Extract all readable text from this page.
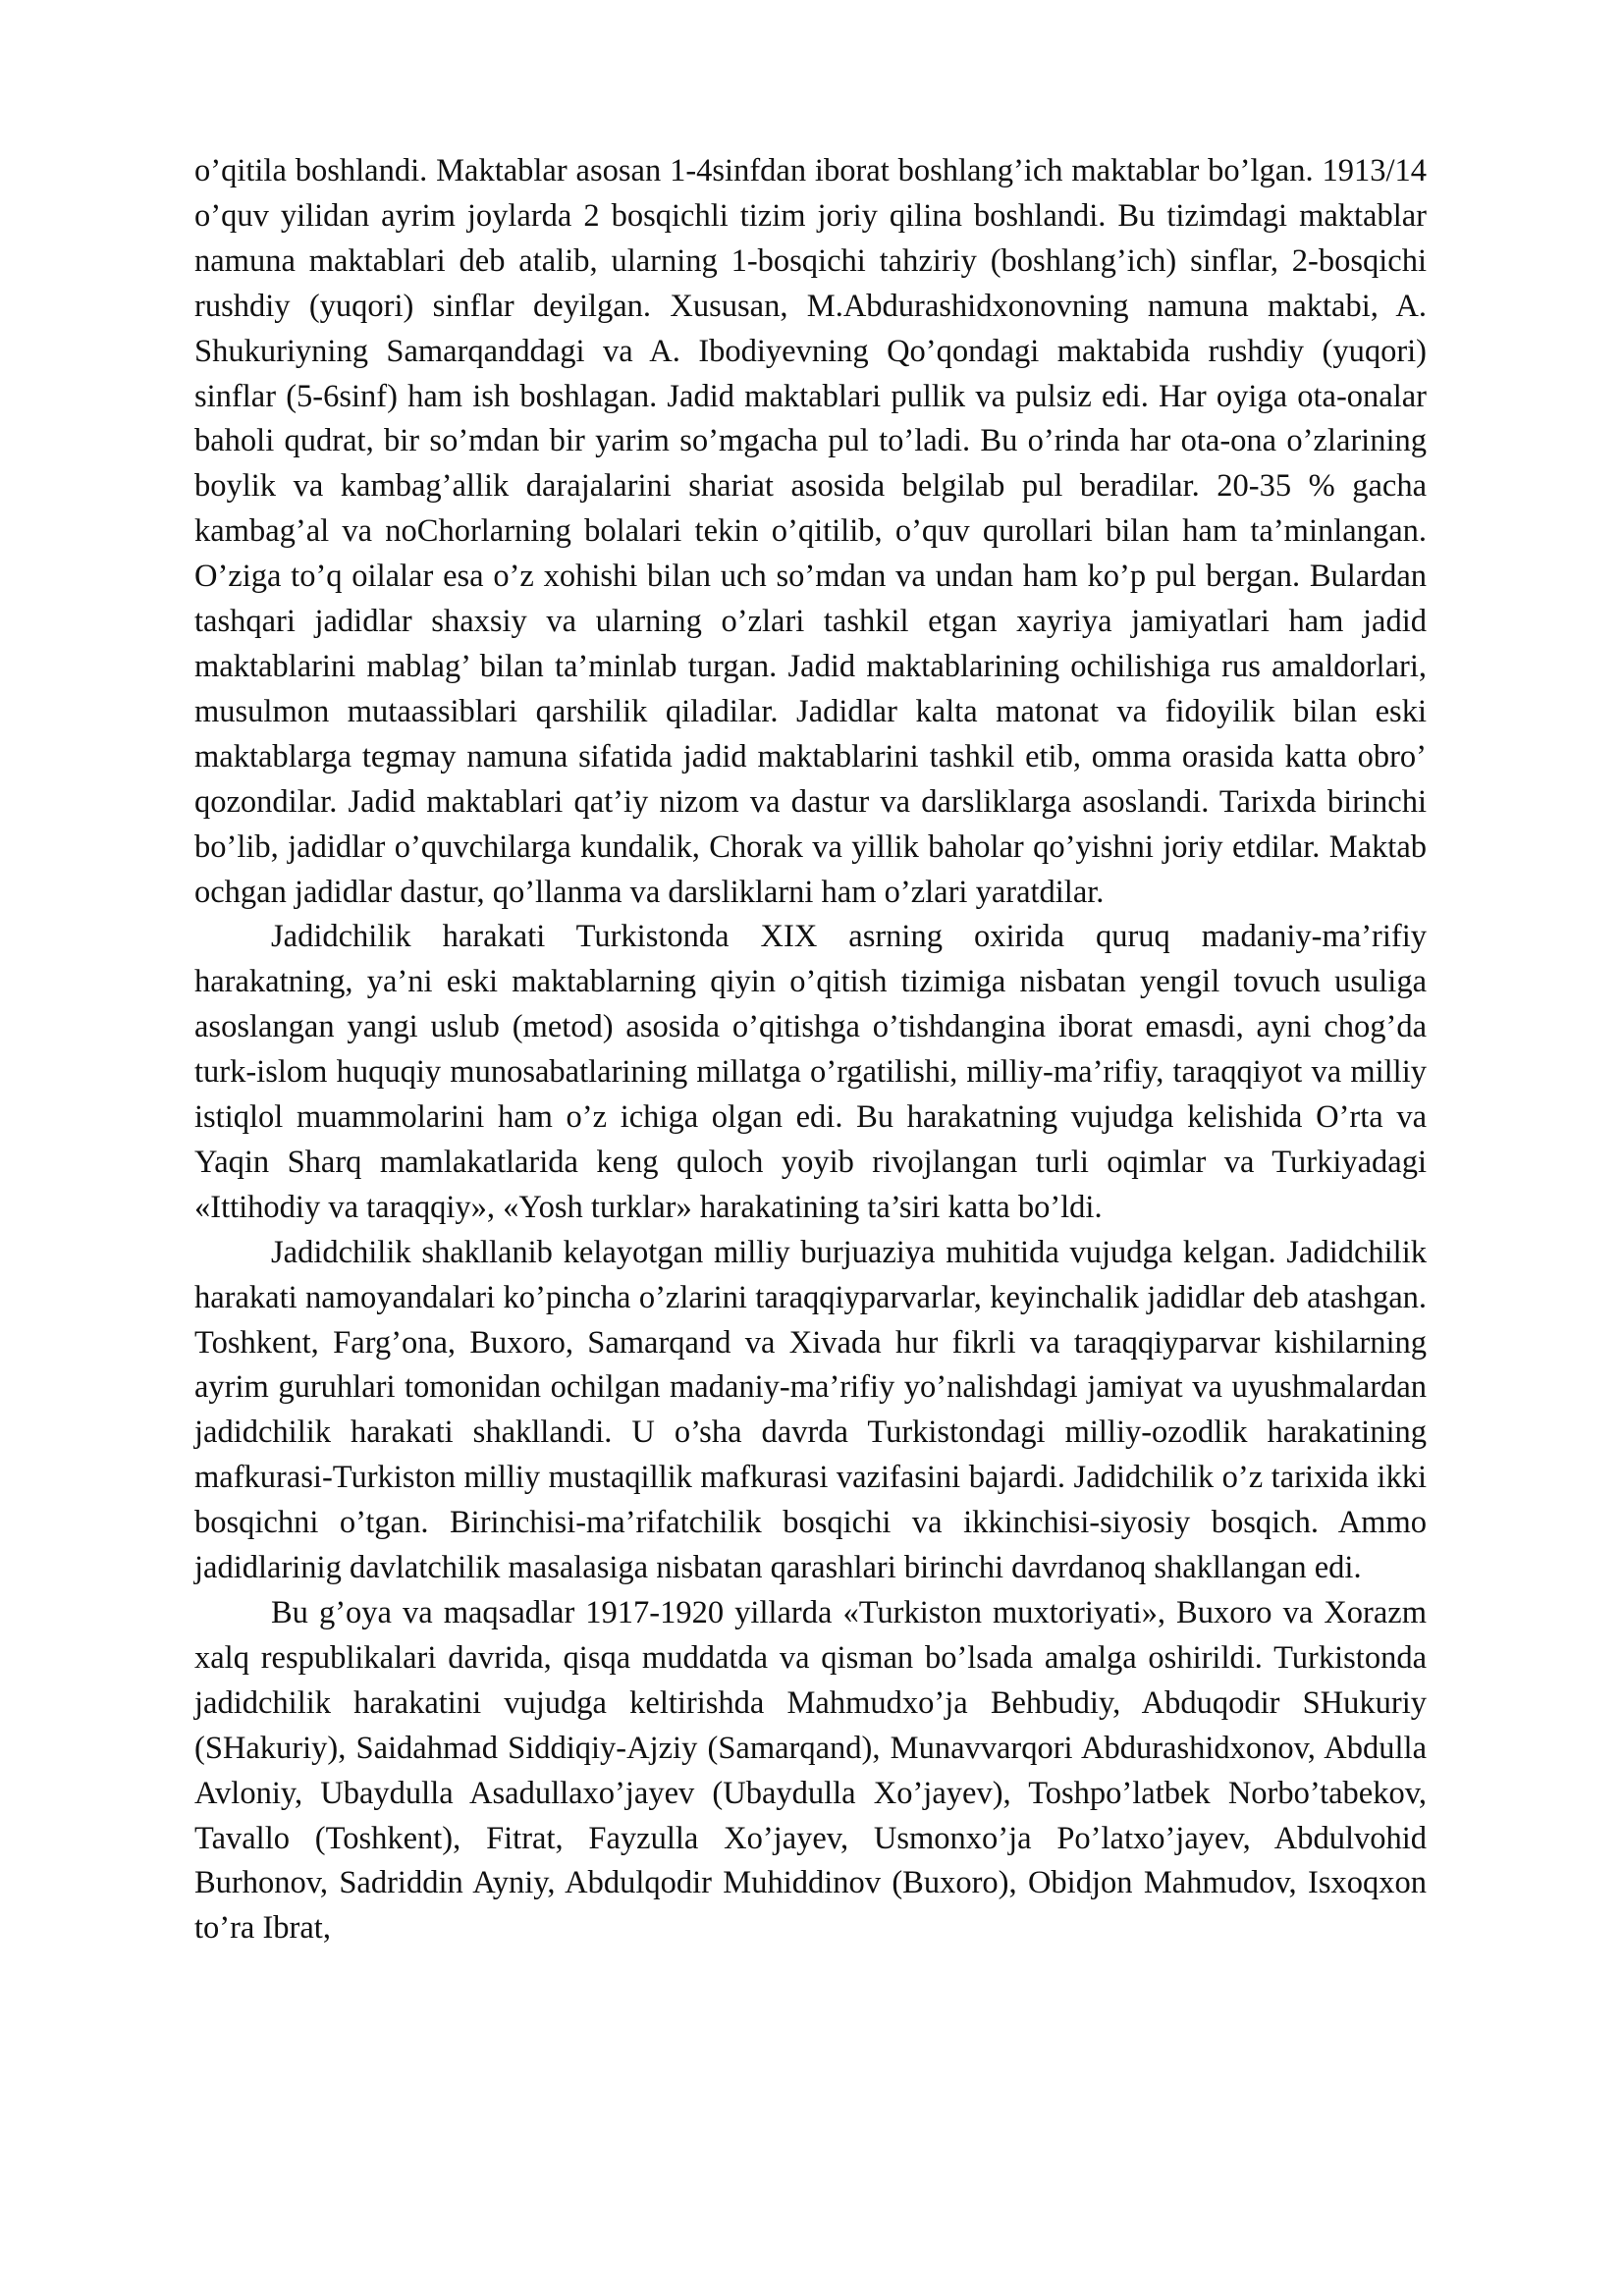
o’qitila boshlandi. Maktablar asosan 1-4sinfdan iborat boshlang’ich maktablar bo’lgan. 1913/14 o’quv yilidan ayrim joylarda 2 bosqichli tizim joriy qilina boshlandi. Bu tizimdagi maktablar namuna maktablari deb atalib, ularning 1-bosqichi tahziriy (boshlang’ich) sinflar, 2-bosqichi rushdiy (yuqori) sinflar deyilgan. Xususan, M.Abdurashidxonovning namuna maktabi, A. Shukuriyning Samarqanddagi va A. Ibodiyevning Qo’qondagi maktabida rushdiy (yuqori) sinflar (5-6sinf) ham ish boshlagan. Jadid maktablari pullik va pulsiz edi. Har oyiga ota-onalar baholi qudrat, bir so’mdan bir yarim so’mgacha pul to’ladi. Bu o’rinda har ota-ona o’zlarining boylik va kambag’allik darajalarini shariat asosida belgilab pul beradilar. 20-35 % gacha kambag’al va noChorlarning bolalari tekin o’qitilib, o’quv qurollari bilan ham ta’minlangan. O’ziga to’q oilalar esa o’z xohishi bilan uch so’mdan va undan ham ko’p pul bergan. Bulardan tashqari jadidlar shaxsiy va ularning o’zlari tashkil etgan xayriya jamiyatlari ham jadid maktablarini mablag’ bilan ta’minlab turgan. Jadid maktablarining ochilishiga rus amaldorlari, musulmon mutaassiblari qarshilik qiladilar. Jadidlar kalta matonat va fidoyilik bilan eski maktablarga tegmay namuna sifatida jadid maktablarini tashkil etib, omma orasida katta obro’ qozondilar. Jadid maktablari qat’iy nizom va dastur va darsliklarga asoslandi. Tarixda birinchi bo’lib, jadidlar o’quvchilarga kundalik, Chorak va yillik baholar qo’yishni joriy etdilar. Maktab ochgan jadidlar dastur, qo’llanma va darsliklarni ham o’zlari yaratdilar.

Jadidchilik harakati Turkistonda XIX asrning oxirida quruq madaniy-ma’rifiy harakatning, ya’ni eski maktablarning qiyin o’qitish tizimiga nisbatan yengil tovuch usuliga asoslangan yangi uslub (metod) asosida o’qitishga o’tishdangina iborat emasdi, ayni chog’da turk-islom huquqiy munosabatlarining millatga o’rgatilishi, milliy-ma’rifiy, taraqqiyot va milliy istiqlol muammolarini ham o’z ichiga olgan edi. Bu harakatning vujudga kelishida O’rta va Yaqin Sharq mamlakatlarida keng quloch yoyib rivojlangan turli oqimlar va Turkiyadagi «Ittihodiy va taraqqiy», «Yosh turklar» harakatining ta’siri katta bo’ldi.

Jadidchilik shakllanib kelayotgan milliy burjuaziya muhitida vujudga kelgan. Jadidchilik harakati namoyandalari ko’pincha o’zlarini taraqqiyparvarlar, keyinchalik jadidlar deb atashgan. Toshkent, Farg’ona, Buxoro, Samarqand va Xivada hur fikrli va taraqqiyparvar kishilarning ayrim guruhlari tomonidan ochilgan madaniy-ma’rifiy yo’nalishdagi jamiyat va uyushmalardan jadidchilik harakati shakllandi. U o’sha davrda Turkistondagi milliy-ozodlik harakatining mafkurasi-Turkiston milliy mustaqillik mafkurasi vazifasini bajardi. Jadidchilik o’z tarixida ikki bosqichni o’tgan. Birinchisi-ma’rifatchilik bosqichi va ikkinchisi-siyosiy bosqich. Ammo jadidlarinig davlatchilik masalasiga nisbatan qarashlari birinchi davrdanoq shakllangan edi.

Bu g’oya va maqsadlar 1917-1920 yillarda «Turkiston muxtoriyati», Buxoro va Xorazm xalq respublikalari davrida, qisqa muddatda va qisman bo’lsada amalga oshirildi. Turkistonda jadidchilik harakatini vujudga keltirishda Mahmudxo’ja Behbudiy, Abduqodir SHukuriy (SHakuriy), Saidahmad Siddiqiy-Ajziy (Samarqand), Munavvarqori Abdurashidxonov, Abdulla Avloniy, Ubaydulla Asadullaxo’jayev (Ubaydulla Xo’jayev), Toshpo’latbek Norbo’tabekov, Tavallo (Toshkent), Fitrat, Fayzulla Xo’jayev, Usmonxo’ja Po’latxo’jayev, Abdulvohid Burhonov, Sadriddin Ayniy, Abdulqodir Muhiddinov (Buxoro), Obidjon Mahmudov, Isxoqxon to’ra Ibrat,
